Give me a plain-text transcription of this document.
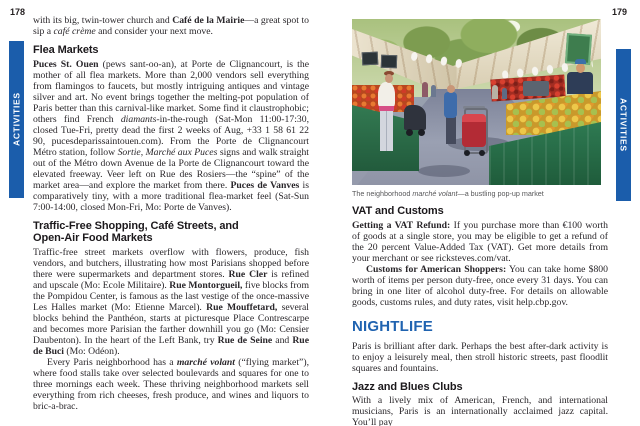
178	179
ACTIVITIES	ACTIVITIES

with its big, twin-tower church and Café de la Mairie—a great spot to sip a café crème and consider your next move.

Flea Markets

Puces St. Ouen (pews sant-oo-an), at Porte de Clignancourt, is the mother of all flea markets. More than 2,000 vendors sell everything from flamingos to faucets, but mostly intriguing antiques and vintage silver and art. No event brings together the melting-pot population of Paris better than this carnival-like market. Some find it claustrophobic; others find French diamants-in-the-rough (Sat-Mon 11:00-17:30, closed Tue-Fri, pretty dead the first 2 weeks of Aug, +33 1 58 61 22 90, pucesdeparissaintouen.com). From the Porte de Clignancourt Métro station, follow Sortie, Marché aux Puces signs and walk straight out of the Métro down Avenue de la Porte de Clignancourt toward the elevated freeway. Veer left on Rue des Rosiers—the “spine” of the market area—and explore the market from there. Puces de Vanves is comparatively tiny, with a more traditional flea-market feel (Sat-Sun 7:00-14:00, closed Mon-Fri, Mo: Porte de Vanves).

Traffic-Free Shopping, Café Streets, and
Open-Air Food Markets

Traffic-free street markets overflow with flowers, produce, fish vendors, and butchers, illustrating how most Parisians shopped before there were supermarkets and department stores. Rue Cler is refined and upscale (Mo: Ecole Militaire). Rue Montorgueil, five blocks from the Pompidou Center, is famous as the last vestige of the once-massive Les Halles market (Mo: Etienne Marcel). Rue Mouffetard, several blocks behind the Panthéon, starts at picturesque Place Contrescarpe and becomes more Parisian the farther downhill you go (Mo: Censier Daubenton). In the heart of the Left Bank, try Rue de Seine and Rue de Buci (Mo: Odéon).

Every Paris neighborhood has a marché volant (“flying market”), where food stalls take over selected boulevards and squares for one to three mornings each week. These thriving neighborhood markets sell everything from rich cheeses, fresh produce, and wines and liquors to bric-a-brac.

The neighborhood marché volant—a bustling pop-up market

VAT and Customs

Getting a VAT Refund: If you purchase more than €100 worth of goods at a single store, you may be eligible to get a refund of the 20 percent Value-Added Tax (VAT). Get more details from your merchant or see ricksteves.com/vat.

Customs for American Shoppers: You can take home $800 worth of items per person duty-free, once every 31 days. You can bring in one liter of alcohol duty-free. For details on allowable goods, customs rules, and duty rates, visit help.cbp.gov.

NIGHTLIFE

Paris is brilliant after dark. Perhaps the best after-dark activity is to enjoy a leisurely meal, then stroll historic streets, past floodlit squares and fountains.

Jazz and Blues Clubs

With a lively mix of American, French, and international musicians, Paris is an internationally acclaimed jazz capital. You’ll pay
